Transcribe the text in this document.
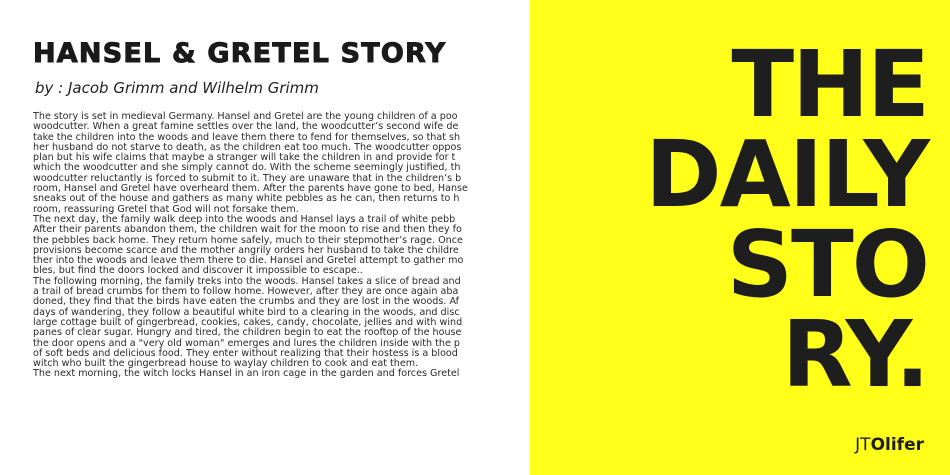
HANSEL & GRETEL STORY
by : Jacob Grimm and Wilhelm Grimm

The story is set in medieval Germany. Hansel and Gretel are the young children of a poo

woodcutter. When a great famine settles over the land, the woodcutter’s second wife de

take the children into the woods and leave them there to fend for themselves, so that sh

her husband do not starve to death, as the children eat too much. The woodcutter oppos

plan but his wife claims that maybe a stranger will take the children in and provide for t

which the woodcutter and she simply cannot do. With the scheme seemingly justified, th

woodcutter reluctantly is forced to submit to it. They are unaware that in the children’s b

room, Hansel and Gretel have overheard them. After the parents have gone to bed, Hanse

sneaks out of the house and gathers as many white pebbles as he can, then returns to h

room, reassuring Gretel that God will not forsake them.

The next day, the family walk deep into the woods and Hansel lays a trail of white pebb

After their parents abandon them, the children wait for the moon to rise and then they fo

the pebbles back home. They return home safely, much to their stepmother’s rage. Once

provisions become scarce and the mother angrily orders her husband to take the childre

ther into the woods and leave them there to die. Hansel and Gretel attempt to gather mo

bles, but find the doors locked and discover it impossible to escape..

The following morning, the family treks into the woods. Hansel takes a slice of bread and

a trail of bread crumbs for them to follow home. However, after they are once again aba

doned, they find that the birds have eaten the crumbs and they are lost in the woods. Af

days of wandering, they follow a beautiful white bird to a clearing in the woods, and disc

large cottage built of gingerbread, cookies, cakes, candy, chocolate, jellies and with wind

panes of clear sugar. Hungry and tired, the children begin to eat the rooftop of the house

the door opens and a "very old woman" emerges and lures the children inside with the p

of soft beds and delicious food. They enter without realizing that their hostess is a blood

witch who built the gingerbread house to waylay children to cook and eat them.

The next morning, the witch locks Hansel in an iron cage in the garden and forces Gretel

THE
DAILY
STO
RY.
JTOlifer
